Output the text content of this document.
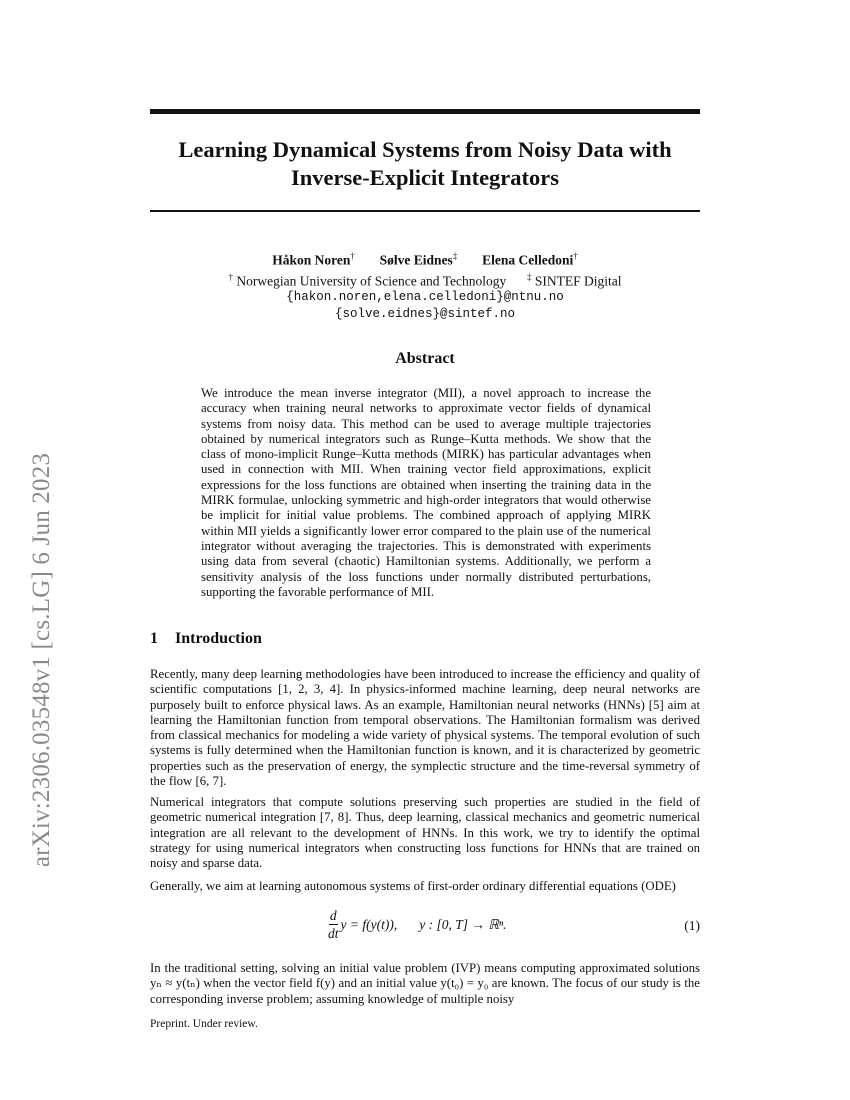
arXiv:2306.03548v1 [cs.LG] 6 Jun 2023
Learning Dynamical Systems from Noisy Data with
Inverse-Explicit Integrators
Håkon Noren† Sølve Eidnes‡ Elena Celledoni†
† Norwegian University of Science and Technology ‡ SINTEF Digital
{hakon.noren,elena.celledoni}@ntnu.no
{solve.eidnes}@sintef.no
Abstract
We introduce the mean inverse integrator (MII), a novel approach to increase the accuracy when training neural networks to approximate vector fields of dynamical systems from noisy data. This method can be used to average multiple trajectories obtained by numerical integrators such as Runge–Kutta methods. We show that the class of mono-implicit Runge–Kutta methods (MIRK) has particular advantages when used in connection with MII. When training vector field approximations, explicit expressions for the loss functions are obtained when inserting the training data in the MIRK formulae, unlocking symmetric and high-order integrators that would otherwise be implicit for initial value problems. The combined approach of applying MIRK within MII yields a significantly lower error compared to the plain use of the numerical integrator without averaging the trajectories. This is demonstrated with experiments using data from several (chaotic) Hamiltonian systems. Additionally, we perform a sensitivity analysis of the loss functions under normally distributed perturbations, supporting the favorable performance of MII.
1 Introduction
Recently, many deep learning methodologies have been introduced to increase the efficiency and quality of scientific computations [1, 2, 3, 4]. In physics-informed machine learning, deep neural networks are purposely built to enforce physical laws. As an example, Hamiltonian neural networks (HNNs) [5] aim at learning the Hamiltonian function from temporal observations. The Hamiltonian formalism was derived from classical mechanics for modeling a wide variety of physical systems. The temporal evolution of such systems is fully determined when the Hamiltonian function is known, and it is characterized by geometric properties such as the preservation of energy, the symplectic structure and the time-reversal symmetry of the flow [6, 7].
Numerical integrators that compute solutions preserving such properties are studied in the field of geometric numerical integration [7, 8]. Thus, deep learning, classical mechanics and geometric numerical integration are all relevant to the development of HNNs. In this work, we try to identify the optimal strategy for using numerical integrators when constructing loss functions for HNNs that are trained on noisy and sparse data.
Generally, we aim at learning autonomous systems of first-order ordinary differential equations (ODE)
$\frac{d}{dt}$ y = f(y(t)), y : [0, T] → ℝⁿ.	(1)
In the traditional setting, solving an initial value problem (IVP) means computing approximated solutions yₙ ≈ y(tₙ) when the vector field f(y) and an initial value y(t₀) = y₀ are known. The focus of our study is the corresponding inverse problem; assuming knowledge of multiple noisy
Preprint. Under review.
